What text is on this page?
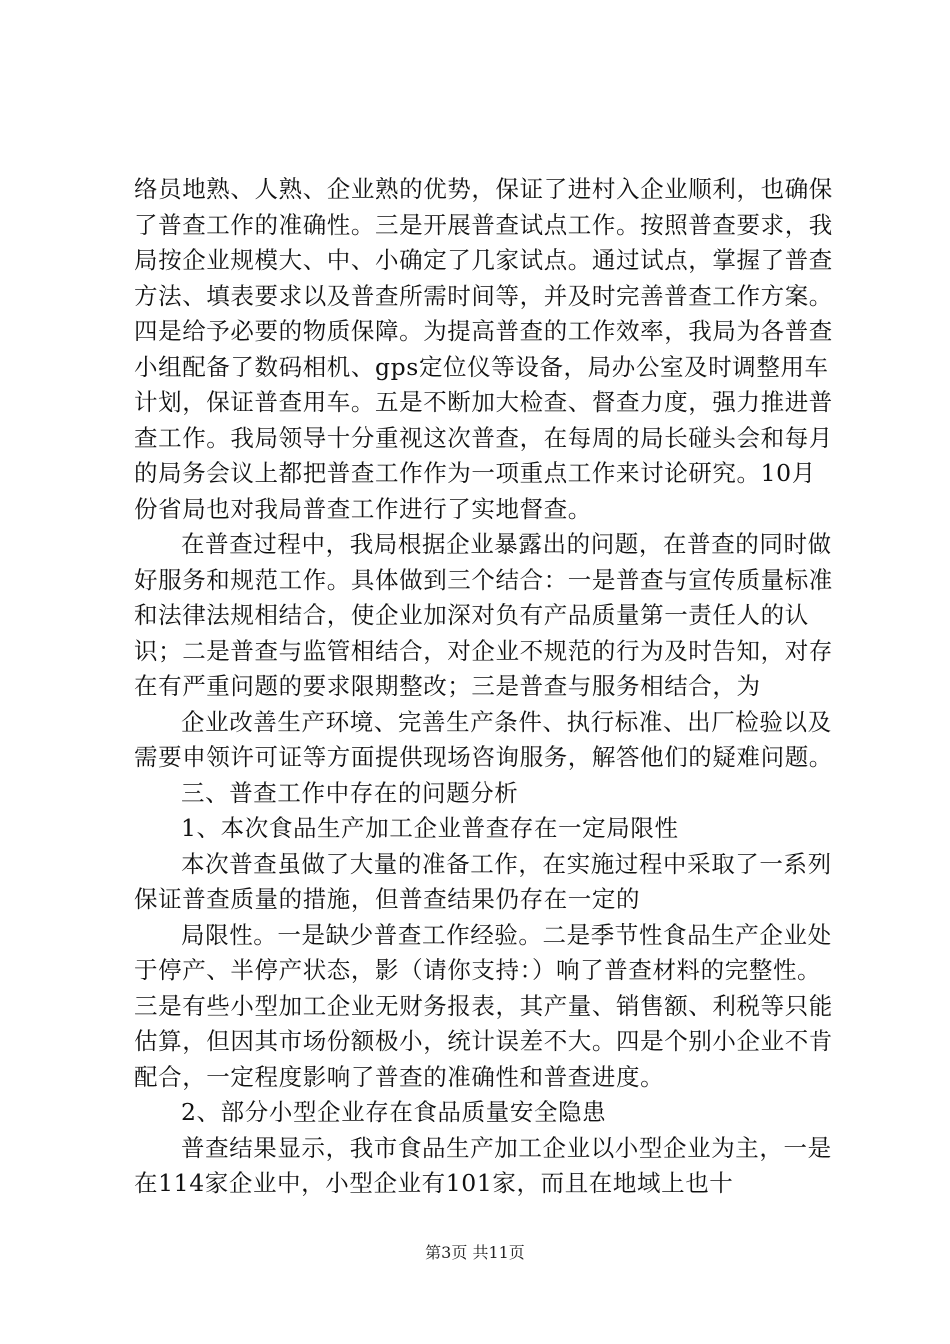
络员地熟、人熟、企业熟的优势，保证了进村入企业顺利，也确保了普查工作的准确性。三是开展普查试点工作。按照普查要求，我局按企业规模大、中、小确定了几家试点。通过试点，掌握了普查方法、填表要求以及普查所需时间等，并及时完善普查工作方案。四是给予必要的物质保障。为提高普查的工作效率，我局为各普查小组配备了数码相机、gps定位仪等设备，局办公室及时调整用车计划，保证普查用车。五是不断加大检查、督查力度，强力推进普查工作。我局领导十分重视这次普查，在每周的局长碰头会和每月的局务会议上都把普查工作作为一项重点工作来讨论研究。10月份省局也对我局普查工作进行了实地督查。

在普查过程中，我局根据企业暴露出的问题，在普查的同时做好服务和规范工作。具体做到三个结合：一是普查与宣传质量标准和法律法规相结合，使企业加深对负有产品质量第一责任人的认识；二是普查与监管相结合，对企业不规范的行为及时告知，对存在有严重问题的要求限期整改；三是普查与服务相结合，为

企业改善生产环境、完善生产条件、执行标准、出厂检验以及需要申领许可证等方面提供现场咨询服务，解答他们的疑难问题。

三、普查工作中存在的问题分析

1、本次食品生产加工企业普查存在一定局限性

本次普查虽做了大量的准备工作，在实施过程中采取了一系列保证普查质量的措施，但普查结果仍存在一定的

局限性。一是缺少普查工作经验。二是季节性食品生产企业处于停产、半停产状态，影（请你支持：）响了普查材料的完整性。三是有些小型加工企业无财务报表，其产量、销售额、利税等只能估算，但因其市场份额极小，统计误差不大。四是个别小企业不肯配合，一定程度影响了普查的准确性和普查进度。

2、部分小型企业存在食品质量安全隐患

普查结果显示，我市食品生产加工企业以小型企业为主，一是在114家企业中，小型企业有101家，而且在地域上也十

第3页 共11页
